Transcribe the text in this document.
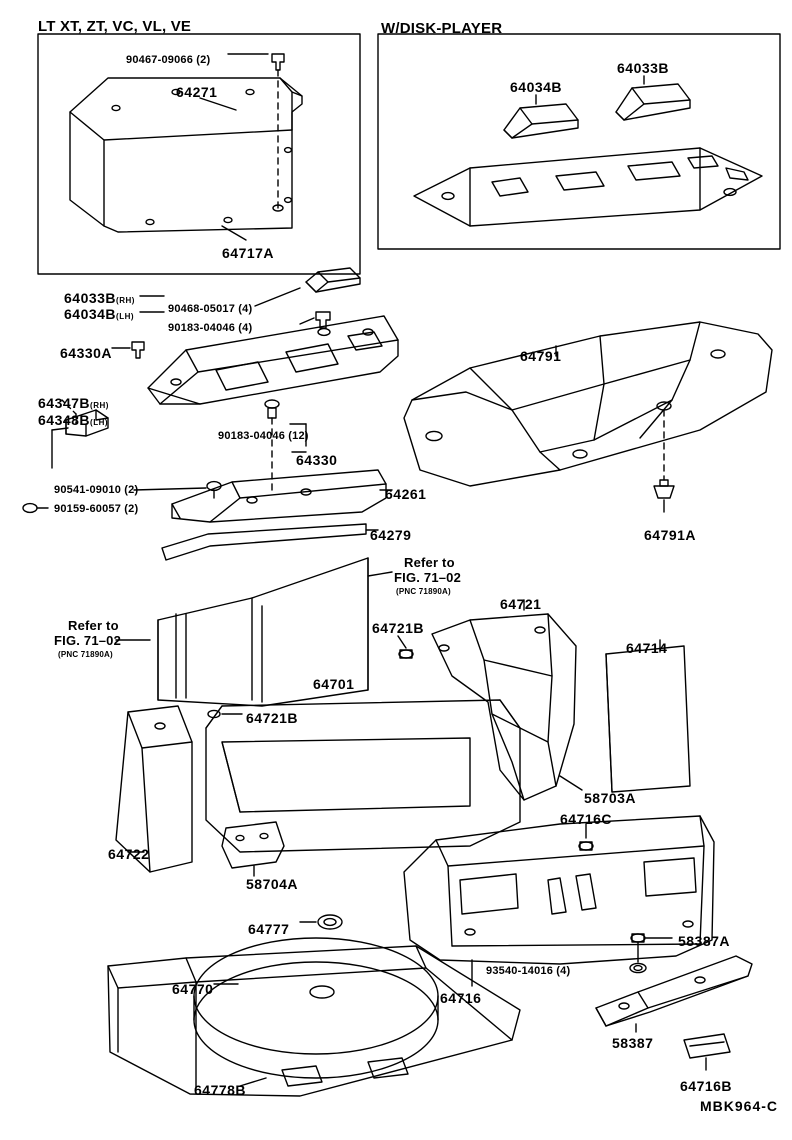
LT XT, ZT, VC, VL, VE	W/DISK-PLAYER
90467-09066 (2)
64271
64717A
64034B
64033B
64033B(RH)
64034B(LH)
90468-05017 (4)
90183-04046 (4)
64330A
64347B(RH)
64348B(LH)
90183-04046 (12)
64330
90541-09010 (2)
90159-60057 (2)
64261
64279
64791
64791A
Refer to
FIG. 71–02
(PNC 71890A)
Refer to
FIG. 71–02
(PNC 71890A)
64721B
64721
64714
64701
64721B
58703A
64716C
64722
58704A
64777
58387A
93540-14016 (4)
64770
64716
58387
64716B
64778B
MBK964-C
